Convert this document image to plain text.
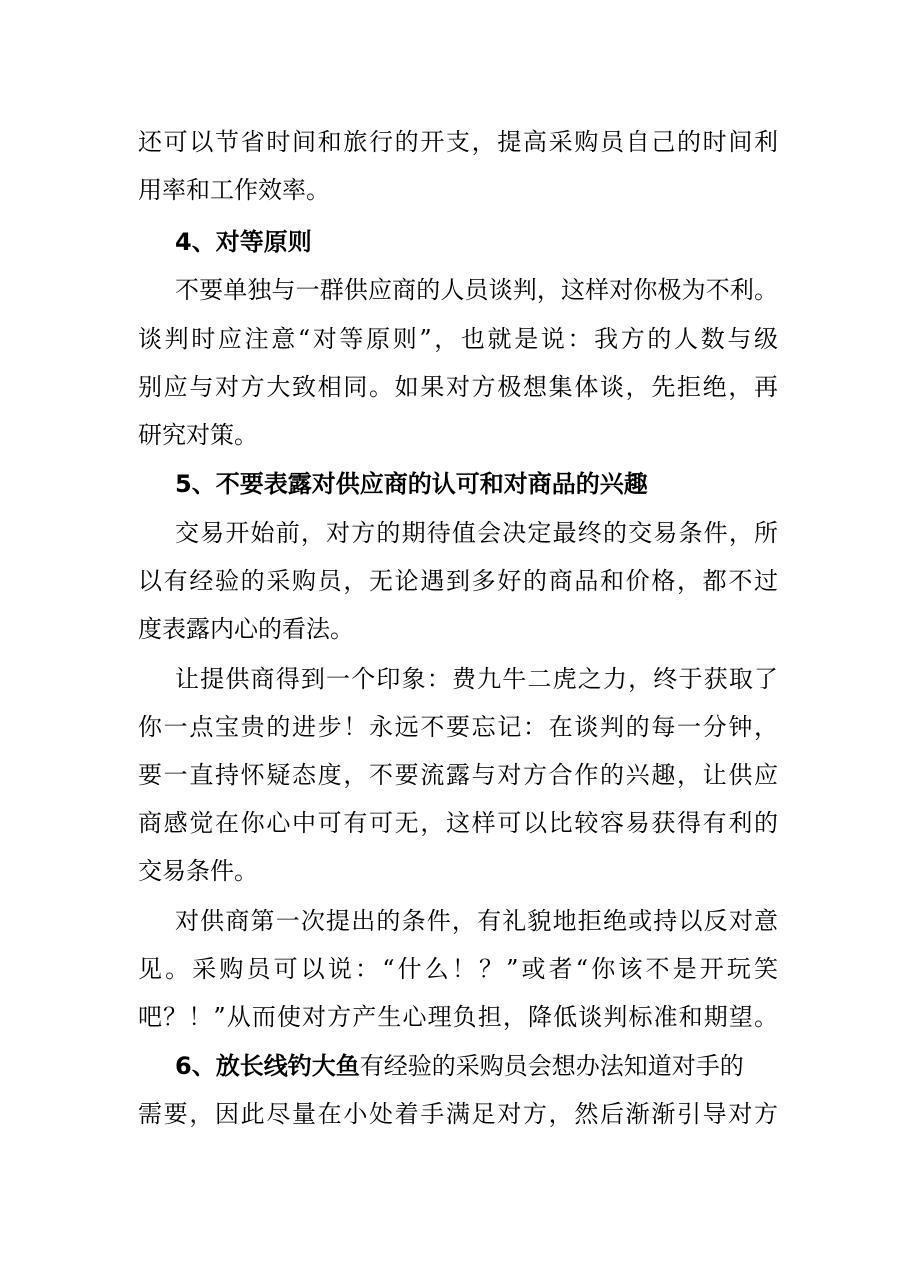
还可以节省时间和旅行的开支，提高采购员自己的时间利
用率和工作效率。
4、对等原则
不要单独与一群供应商的人员谈判，这样对你极为不利。
谈判时应注意“对等原则”，也就是说：我方的人数与级
别应与对方大致相同。如果对方极想集体谈，先拒绝，再
研究对策。
5、不要表露对供应商的认可和对商品的兴趣
交易开始前，对方的期待值会决定最终的交易条件，所
以有经验的采购员，无论遇到多好的商品和价格，都不过
度表露内心的看法。
让提供商得到一个印象：费九牛二虎之力，终于获取了
你一点宝贵的进步！永远不要忘记：在谈判的每一分钟，
要一直持怀疑态度，不要流露与对方合作的兴趣，让供应
商感觉在你心中可有可无，这样可以比较容易获得有利的
交易条件。
对供商第一次提出的条件，有礼貌地拒绝或持以反对意
见。采购员可以说：“什么！？”或者“你该不是开玩笑
吧？！”从而使对方产生心理负担，降低谈判标准和期望。
6、放长线钓大鱼有经验的采购员会想办法知道对手的
需要，因此尽量在小处着手满足对方，然后渐渐引导对方
